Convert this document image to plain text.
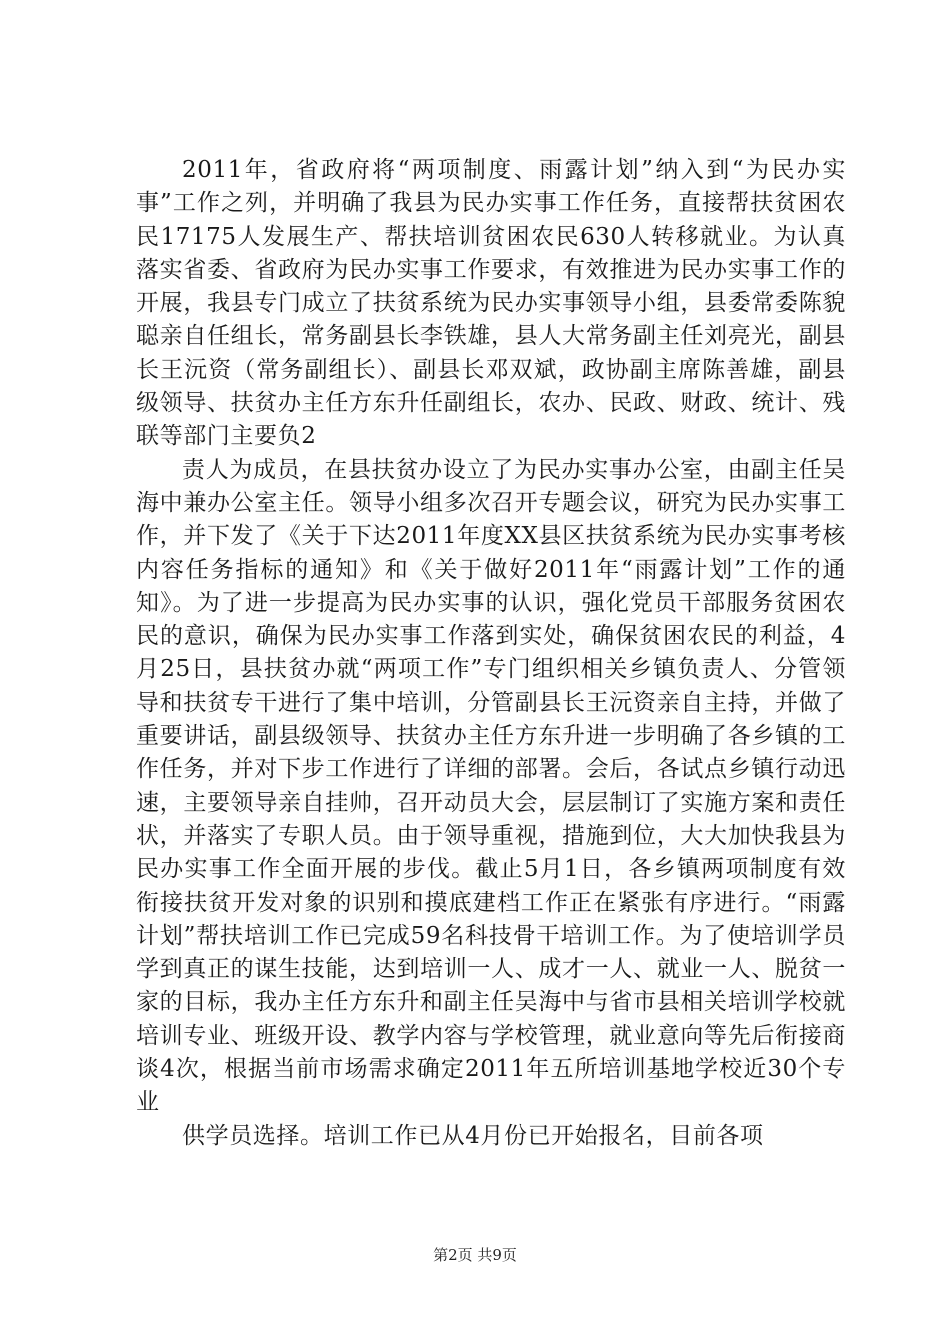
2011年，省政府将“两项制度、雨露计划”纳入到“为民办实事”工作之列，并明确了我县为民办实事工作任务，直接帮扶贫困农民17175人发展生产、帮扶培训贫困农民630人转移就业。为认真落实省委、省政府为民办实事工作要求，有效推进为民办实事工作的开展，我县专门成立了扶贫系统为民办实事领导小组，县委常委陈貌聪亲自任组长，常务副县长李铁雄，县人大常务副主任刘亮光，副县长王沅资（常务副组长）、副县长邓双斌，政协副主席陈善雄，副县级领导、扶贫办主任方东升任副组长，农办、民政、财政、统计、残联等部门主要负2

责人为成员，在县扶贫办设立了为民办实事办公室，由副主任吴海中兼办公室主任。领导小组多次召开专题会议，研究为民办实事工作，并下发了《关于下达2011年度XX县区扶贫系统为民办实事考核内容任务指标的通知》和《关于做好2011年“雨露计划”工作的通知》。为了进一步提高为民办实事的认识，强化党员干部服务贫困农民的意识，确保为民办实事工作落到实处，确保贫困农民的利益，4月25日，县扶贫办就“两项工作”专门组织相关乡镇负责人、分管领导和扶贫专干进行了集中培训，分管副县长王沅资亲自主持，并做了重要讲话，副县级领导、扶贫办主任方东升进一步明确了各乡镇的工作任务，并对下步工作进行了详细的部署。会后，各试点乡镇行动迅速，主要领导亲自挂帅，召开动员大会，层层制订了实施方案和责任状，并落实了专职人员。由于领导重视，措施到位，大大加快我县为民办实事工作全面开展的步伐。截止5月1日，各乡镇两项制度有效衔接扶贫开发对象的识别和摸底建档工作正在紧张有序进行。“雨露计划”帮扶培训工作已完成59名科技骨干培训工作。为了使培训学员学到真正的谋生技能，达到培训一人、成才一人、就业一人、脱贫一家的目标，我办主任方东升和副主任吴海中与省市县相关培训学校就培训专业、班级开设、教学内容与学校管理，就业意向等先后衔接商谈4次，根据当前市场需求确定2011年五所培训基地学校近30个专业

供学员选择。培训工作已从4月份已开始报名，目前各项

第2页 共9页
